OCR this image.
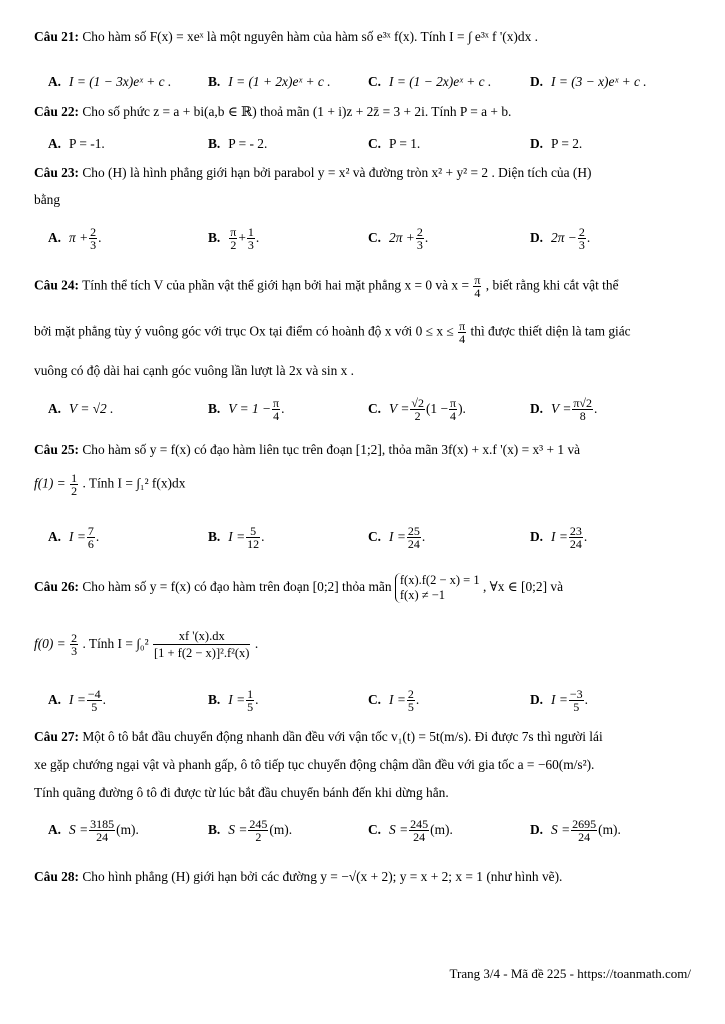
Câu 21: Cho hàm số F(x) = xeˣ là một nguyên hàm của hàm số e³ˣ f(x). Tính I = ∫ e³ˣ f '(x)dx .
A. I = (1 − 3x)eˣ + c .	B. I = (1 + 2x)eˣ + c .	C. I = (1 − 2x)eˣ + c .	D. I = (3 − x)eˣ + c .
Câu 22: Cho số phức z = a + bi(a,b ∈ ℝ) thoả mãn (1 + i)z + 2z̄ = 3 + 2i. Tính P = a + b.
A. P = -1.	B. P = - 2.	C. P = 1.	D. P = 2.
Câu 23: Cho (H) là hình phẳng giới hạn bởi parabol y = x² và đường tròn x² + y² = 2 . Diện tích của (H)
bằng
A. $\pi + \frac{2}{3}$ .	B. $\frac{\pi}{2} + \frac{1}{3}$ .	C. $2\pi + \frac{2}{3}$ .	D. $2\pi - \frac{2}{3}$ .
Câu 24: Tính thể tích V của phần vật thể giới hạn bởi hai mặt phẳng x = 0 và $x = \frac{\pi}{4}$ , biết rằng khi cắt vật thể
bởi mặt phẳng tùy ý vuông góc với trục Ox tại điểm có hoành độ x với $0 \le x \le \frac{\pi}{4}$ thì được thiết diện là tam giác
vuông có độ dài hai cạnh góc vuông lần lượt là 2x và sin x .
A. V = √2 .	B. $V = 1 - \frac{\pi}{4}$ .	C. $V = \frac{√2}{2} (1 - \frac{\pi}{4}$ ).	D. $V = \frac{\pi√2}{8}$ .
Câu 25: Cho hàm số y = f(x) có đạo hàm liên tục trên đoạn [1;2], thỏa mãn 3f(x) + x.f '(x) = x³ + 1 và
$f(1) = \frac{1}{2}$ . Tính I = ∫₁² f(x)dx
A. $I = \frac{7}{6}$ .	B. $I = \frac{5}{12}$ .	C. $I = \frac{25}{24}$ .	D. $I = \frac{23}{24}$ .
Câu 26: Cho hàm số y = f(x) có đạo hàm trên đoạn [0;2] thỏa mãn f(x).f(2 − x) = 1
f(x) ≠ −1
, ∀x ∈ [0;2] và
$f(0) = \frac{2}{3}$ . Tính $I = \int_0^2 \frac{xf '(x).dx}{\text{[1 + f(2 − x)]².f²(x)}}$ .
A. $I = \frac{-4}{5}$ .	B. $I = \frac{1}{5}$ .	C. $I = \frac{2}{5}$ .	D. $I = \frac{-3}{5}$ .
Câu 27: Một ô tô bắt đầu chuyển động nhanh dần đều với vận tốc v₁(t) = 5t(m/s). Đi được 7s thì người lái
xe gặp chướng ngại vật và phanh gấp, ô tô tiếp tục chuyển động chậm dần đều với gia tốc a = −60(m/s²).
Tính quãng đường ô tô đi được từ lúc bắt đầu chuyển bánh đến khi dừng hẳn.
A. $S = \frac{3185}{24} (m)$.	B. $S = \frac{245}{2} (m)$.	C. $S = \frac{245}{24} (m)$.	D. $S = \frac{2695}{24} (m)$.
Câu 28: Cho hình phẳng (H) giới hạn bởi các đường y = −√(x + 2); y = x + 2; x = 1 (như hình vẽ).
Trang 3/4 - Mã đề 225 - https://toanmath.com/
